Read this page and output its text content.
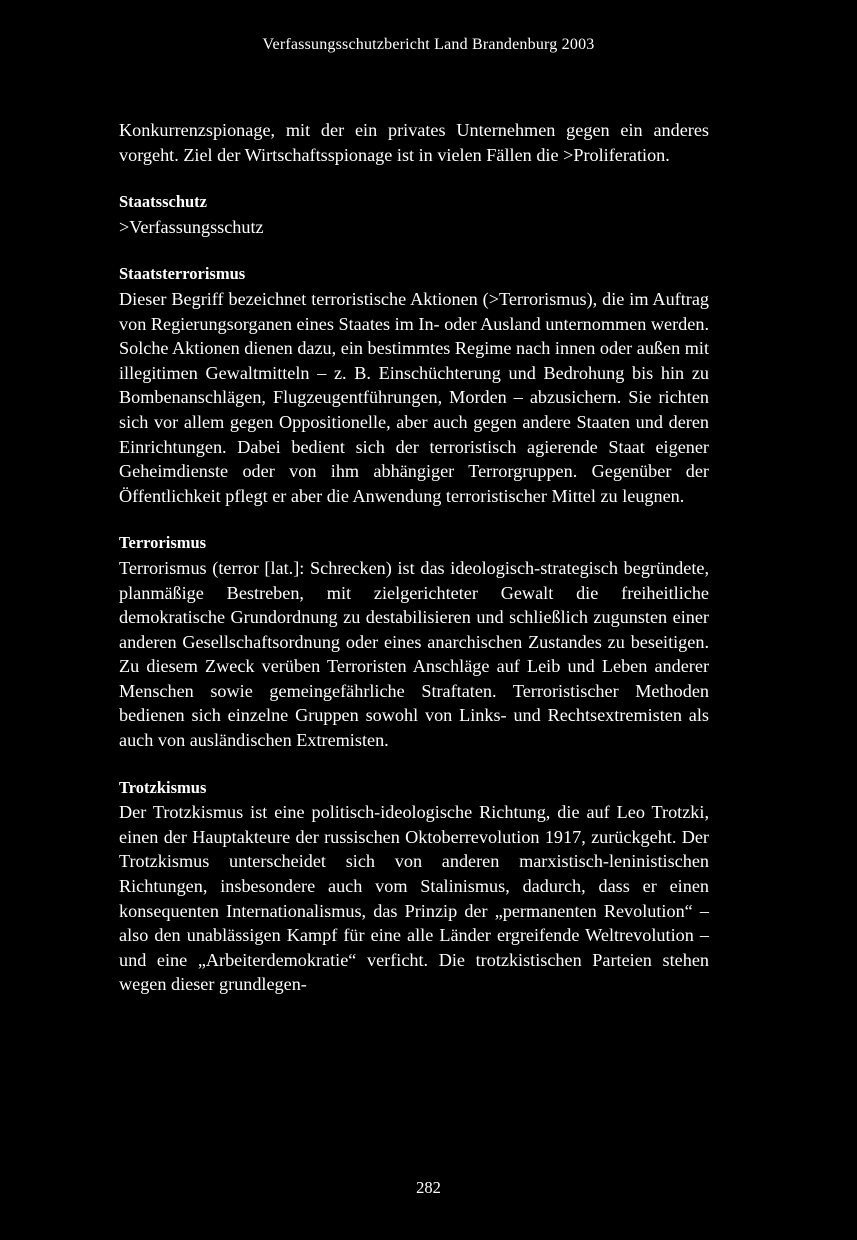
Verfassungsschutzbericht Land Brandenburg 2003

Konkurrenzspionage, mit der ein privates Unternehmen gegen ein anderes vorgeht. Ziel der Wirtschaftsspionage ist in vielen Fällen die >Proliferation.

Staatsschutz

>Verfassungsschutz

Staatsterrorismus

Dieser Begriff bezeichnet terroristische Aktionen (>Terrorismus), die im Auftrag von Regierungsorganen eines Staates im In- oder Ausland unternommen werden. Solche Aktionen dienen dazu, ein bestimmtes Regime nach innen oder außen mit illegitimen Gewaltmitteln – z. B. Einschüchterung und Bedrohung bis hin zu Bombenanschlägen, Flugzeugentführungen, Morden – abzusichern. Sie richten sich vor allem gegen Oppositionelle, aber auch gegen andere Staaten und deren Einrichtungen. Dabei bedient sich der terroristisch agierende Staat eigener Geheimdienste oder von ihm abhängiger Terrorgruppen. Gegenüber der Öffentlichkeit pflegt er aber die Anwendung terroristischer Mittel zu leugnen.

Terrorismus

Terrorismus (terror [lat.]: Schrecken) ist das ideologisch-strategisch begründete, planmäßige Bestreben, mit zielgerichteter Gewalt die freiheitliche demokratische Grundordnung zu destabilisieren und schließlich zugunsten einer anderen Gesellschaftsordnung oder eines anarchischen Zustandes zu beseitigen. Zu diesem Zweck verüben Terroristen Anschläge auf Leib und Leben anderer Menschen sowie gemeingefährliche Straftaten. Terroristischer Methoden bedienen sich einzelne Gruppen sowohl von Links- und Rechtsextremisten als auch von ausländischen Extremisten.

Trotzkismus

Der Trotzkismus ist eine politisch-ideologische Richtung, die auf Leo Trotzki, einen der Hauptakteure der russischen Oktoberrevolution 1917, zurückgeht. Der Trotzkismus unterscheidet sich von anderen marxistisch-leninistischen Richtungen, insbesondere auch vom Stalinismus, dadurch, dass er einen konsequenten Internationalismus, das Prinzip der „permanenten Revolution“ – also den unablässigen Kampf für eine alle Länder ergreifende Weltrevolution – und eine „Arbeiterdemokratie“ verficht. Die trotzkistischen Parteien stehen wegen dieser grundlegen-

282
